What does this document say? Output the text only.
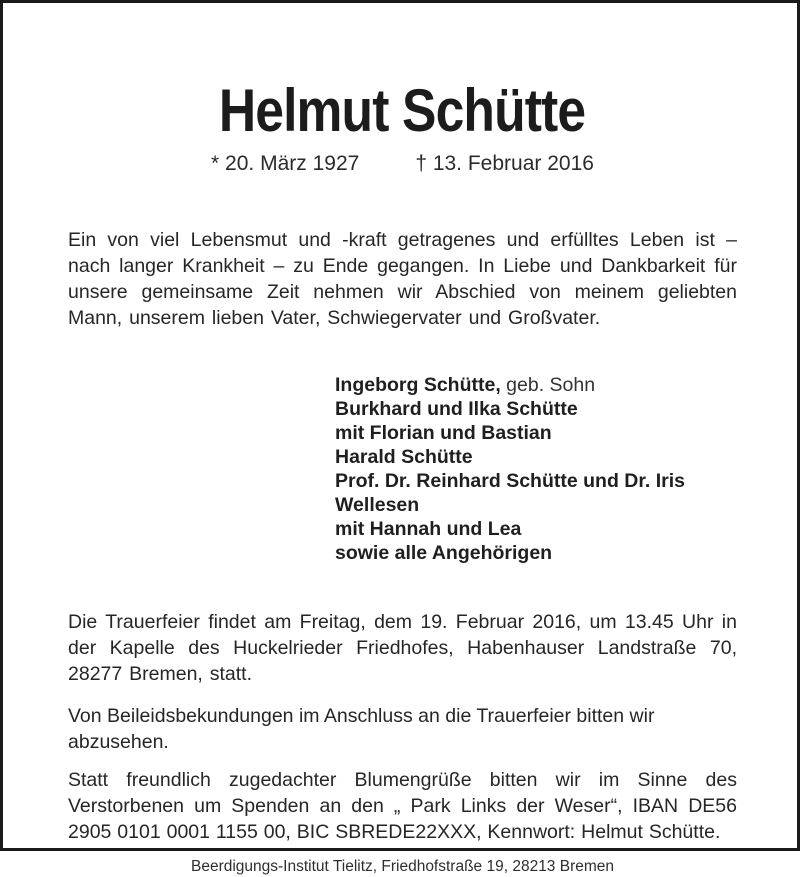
Helmut Schütte
* 20. März 1927	† 13. Februar 2016

Ein von viel Lebensmut und -kraft getragenes und erfülltes Leben ist – nach langer Krankheit – zu Ende gegangen. In Liebe und Dankbarkeit für unsere gemeinsame Zeit nehmen wir Abschied von meinem geliebten Mann, unserem lieben Vater, Schwiegervater und Großvater.

Ingeborg Schütte, geb. Sohn
Burkhard und Ilka Schütte
mit Florian und Bastian
Harald Schütte
Prof. Dr. Reinhard Schütte und Dr. Iris Wellesen
mit Hannah und Lea
sowie alle Angehörigen

Die Trauerfeier findet am Freitag, dem 19. Februar 2016, um 13.45 Uhr in der Kapelle des Huckelrieder Friedhofes, Habenhauser Landstraße 70, 28277 Bremen, statt.

Von Beileidsbekundungen im Anschluss an die Trauerfeier bitten wir abzusehen.

Statt freundlich zugedachter Blumengrüße bitten wir im Sinne des Verstorbenen um Spenden an den „ Park Links der Weser“, IBAN DE56 2905 0101 0001 1155 00, BIC SBREDE22XXX, Kennwort: Helmut Schütte.

Beerdigungs-Institut Tielitz, Friedhofstraße 19, 28213 Bremen
